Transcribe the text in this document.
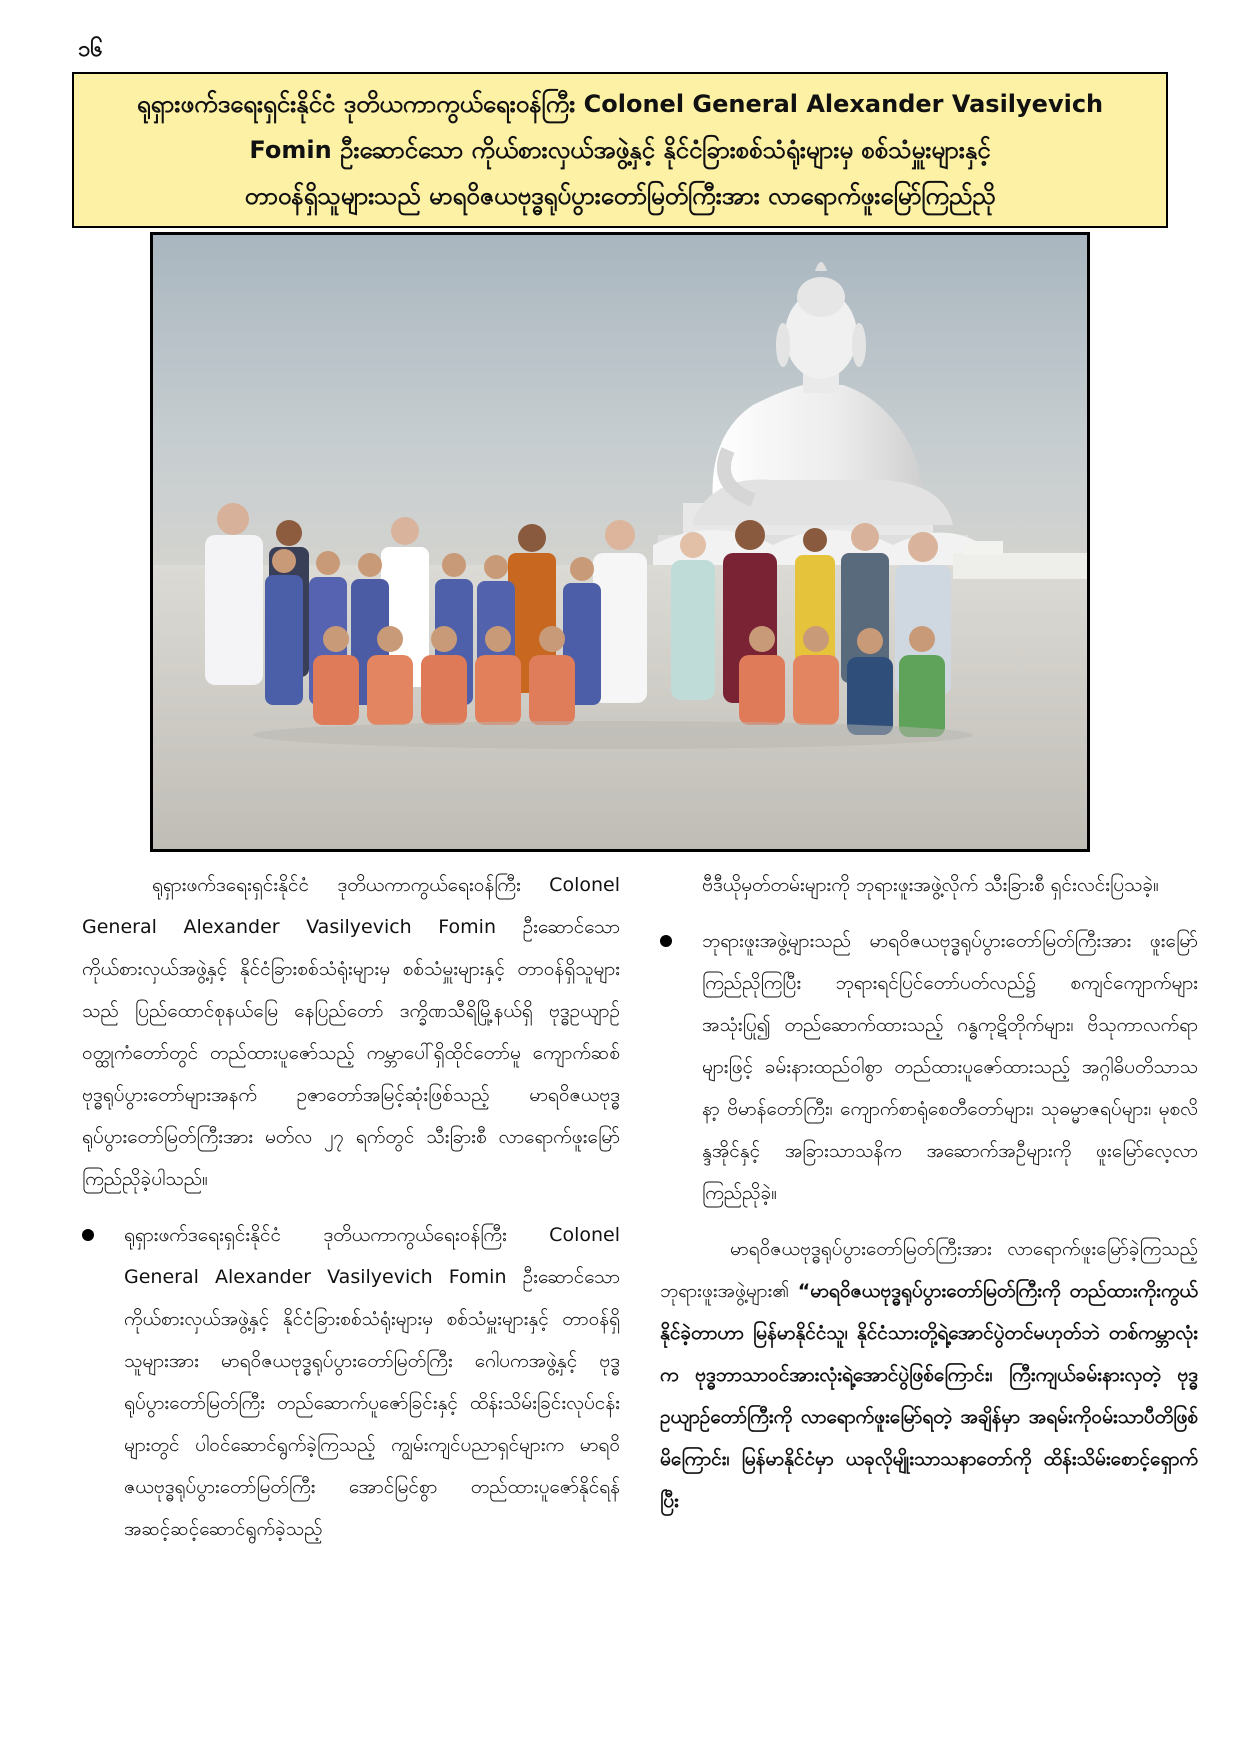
၁၆
ရုရှားဖက်ဒရေးရှင်းနိုင်ငံ ဒုတိယကာကွယ်ရေးဝန်ကြီး Colonel General Alexander Vasilyevich
Fomin ဦးဆောင်သော ကိုယ်စားလှယ်အဖွဲ့နှင့် နိုင်ငံခြားစစ်သံရုံးများမှ စစ်သံမှူးများနှင့်
တာဝန်ရှိသူများသည် မာရဝိဇယဗုဒ္ဓရုပ်ပွားတော်မြတ်ကြီးအား လာရောက်ဖူးမြော်ကြည်ညို

ရုရှားဖက်ဒရေးရှင်းနိုင်ငံ ဒုတိယကာကွယ်ရေးဝန်ကြီး Colonel General Alexander Vasilyevich Fomin ဦးဆောင်သော ကိုယ်စားလှယ်အဖွဲ့နှင့် နိုင်ငံခြားစစ်သံရုံးများမှ စစ်သံမှူးများနှင့် တာဝန်ရှိသူများသည် ပြည်ထောင်စုနယ်မြေ နေပြည်တော် ဒက္ခိဏသီရိမြို့နယ်ရှိ ဗုဒ္ဓဥယျာဉ်ဝတ္ထုကံတော်တွင် တည်ထားပူဇော်သည့် ကမ္ဘာပေါ်ရှိထိုင်တော်မူ ကျောက်ဆစ်ဗုဒ္ဓရုပ်ပွားတော်များအနက် ဥဇာတော်အမြင့်ဆုံးဖြစ်သည့် မာရဝိဇယဗုဒ္ဓရုပ်ပွားတော်မြတ်ကြီးအား မတ်လ ၂၇ ရက်တွင် သီးခြားစီ လာရောက်ဖူးမြော်ကြည်ညိုခဲ့ပါသည်။

ရုရှားဖက်ဒရေးရှင်းနိုင်ငံ ဒုတိယကာကွယ်ရေးဝန်ကြီး Colonel General Alexander Vasilyevich Fomin ဦးဆောင်သော ကိုယ်စားလှယ်အဖွဲ့နှင့် နိုင်ငံခြားစစ်သံရုံးများမှ စစ်သံမှူးများနှင့် တာဝန်ရှိသူများအား မာရဝိဇယဗုဒ္ဓရုပ်ပွားတော်မြတ်ကြီး ဂေါပကအဖွဲ့နှင့် ဗုဒ္ဓရုပ်ပွားတော်မြတ်ကြီး တည်ဆောက်ပူဇော်ခြင်းနှင့် ထိန်းသိမ်းခြင်းလုပ်ငန်းများတွင် ပါဝင်ဆောင်ရွက်ခဲ့ကြသည့် ကျွမ်းကျင်ပညာရှင်များက မာရဝိဇယဗုဒ္ဓရုပ်ပွားတော်မြတ်ကြီး အောင်မြင်စွာ တည်ထားပူဇော်နိုင်ရန် အဆင့်ဆင့်ဆောင်ရွက်ခဲ့သည့်

ဗီဒီယိုမှတ်တမ်းများကို ဘုရားဖူးအဖွဲ့လိုက် သီးခြားစီ ရှင်းလင်းပြသခဲ့။

ဘုရားဖူးအဖွဲ့များသည် မာရဝိဇယဗုဒ္ဓရုပ်ပွားတော်မြတ်ကြီးအား ဖူးမြော်ကြည်ညိုကြပြီး ဘုရားရင်ပြင်တော်ပတ်လည်၌ စကျင်ကျောက်များ အသုံးပြု၍ တည်ဆောက်ထားသည့် ဂန္ဓကုဋိတိုက်များ၊ ဗိသုကာလက်ရာများဖြင့် ခမ်းနားထည်ဝါစွာ တည်ထားပူဇော်ထားသည့် အဂ္ဂါဓိပတိသာသနာ့ ဗိမာန်တော်ကြီး၊ ကျောက်စာရုံစေတီတော်များ၊ သုဓမ္မာဇရပ်များ၊ မုစလိန္ဒအိုင်နှင့် အခြားသာသနိက အဆောက်အဦများကို ဖူးမြော်လေ့လာကြည်ညိုခဲ့။

မာရဝိဇယဗုဒ္ဓရုပ်ပွားတော်မြတ်ကြီးအား လာရောက်ဖူးမြော်ခဲ့ကြသည့် ဘုရားဖူးအဖွဲ့များ၏ “မာရဝိဇယဗုဒ္ဓရုပ်ပွားတော်မြတ်ကြီးကို တည်ထားကိုးကွယ်နိုင်ခဲ့တာဟာ မြန်မာနိုင်ငံသူ၊ နိုင်ငံသားတို့ရဲ့အောင်ပွဲတင်မဟုတ်ဘဲ တစ်ကမ္ဘာလုံးက ဗုဒ္ဓဘာသာဝင်အားလုံးရဲ့အောင်ပွဲဖြစ်ကြောင်း၊ ကြီးကျယ်ခမ်းနားလှတဲ့ ဗုဒ္ဓဥယျာဉ်တော်ကြီးကို လာရောက်ဖူးမြော်ရတဲ့ အချိန်မှာ အရမ်းကိုဝမ်းသာပီတိဖြစ်မိကြောင်း၊ မြန်မာနိုင်ငံမှာ ယခုလိုမျိုးသာသနာတော်ကို ထိန်းသိမ်းစောင့်ရှောက်ပြီး
